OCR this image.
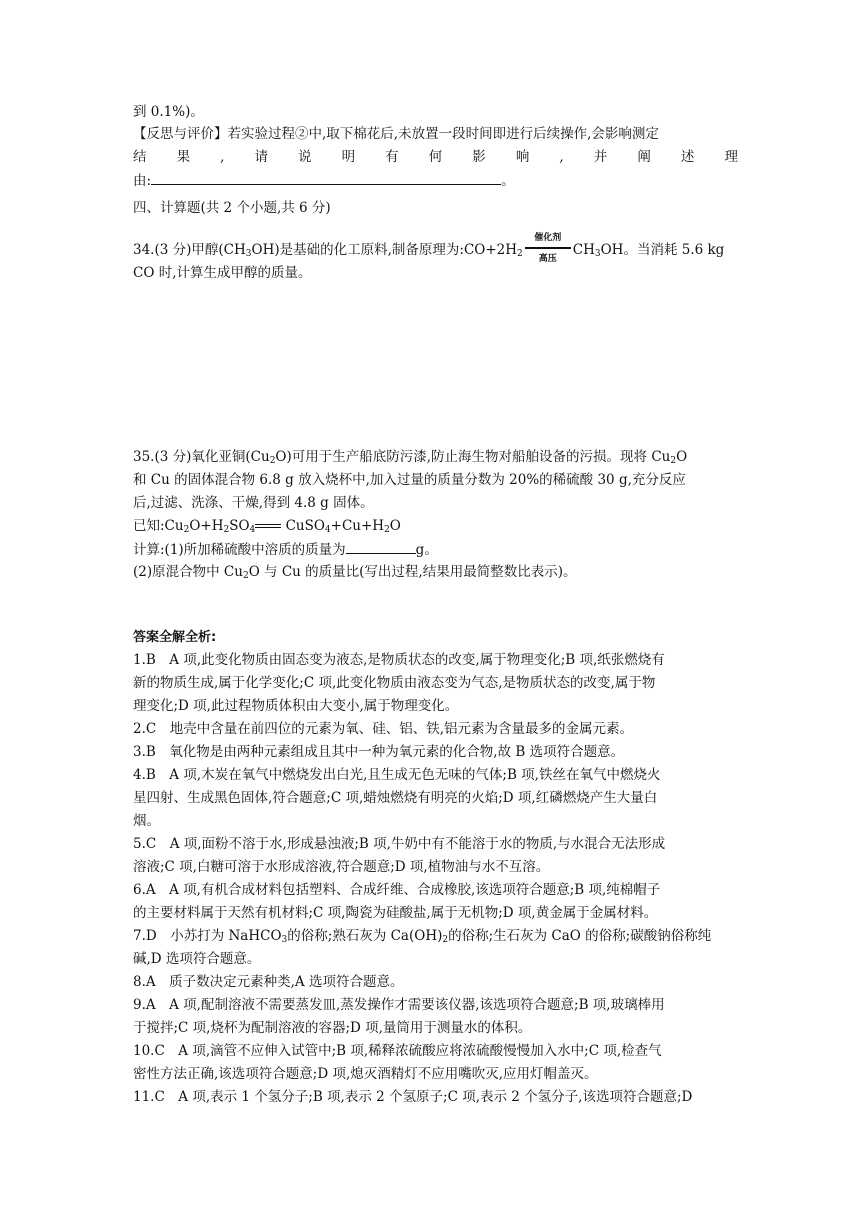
到 0.1%)。
【反思与评价】若实验过程②中,取下棉花后,未放置一段时间即进行后续操作,会影响测定
结 果 , 请 说 明 有 何 影 响 , 并 阐 述 理
由:	。
四、计算题(共 2 个小题,共 6 分)
34.(3 分)甲醇$(CH_3OH)$是基础的化工原料,制备原理为$:CO+2H_2$
催化剂
高压
$CH_3OH$。当消耗 5.6 kg
CO 时,计算生成甲醇的质量。
35.(3 分)氧化亚铜$(Cu_2O)$可用于生产船底防污漆,防止海生物对船舶设备的污损。现将 $Cu_2O$
和 Cu 的固体混合物 6.8 g 放入烧杯中,加入过量的质量分数为 20%的稀硫酸 30 g,充分反应
后,过滤、洗涤、干燥,得到 4.8 g 固体。
已知$:Cu_2O+H_2SO_4$ $CuSO_4+Cu+H_2O$
计算:(1)所加稀硫酸中溶质的质量为	g。
(2)原混合物中 $Cu_2O$ 与 Cu 的质量比(写出过程,结果用最简整数比表示)。
答案全解全析:
1.B　A 项,此变化物质由固态变为液态,是物质状态的改变,属于物理变化;B 项,纸张燃烧有
新的物质生成,属于化学变化;C 项,此变化物质由液态变为气态,是物质状态的改变,属于物
理变化;D 项,此过程物质体积由大变小,属于物理变化。
2.C　地壳中含量在前四位的元素为氧、硅、铝、铁,铝元素为含量最多的金属元素。
3.B　氧化物是由两种元素组成且其中一种为氧元素的化合物,故 B 选项符合题意。
4.B　A 项,木炭在氧气中燃烧发出白光,且生成无色无味的气体;B 项,铁丝在氧气中燃烧火
星四射、生成黑色固体,符合题意;C 项,蜡烛燃烧有明亮的火焰;D 项,红磷燃烧产生大量白
烟。
5.C　A 项,面粉不溶于水,形成悬浊液;B 项,牛奶中有不能溶于水的物质,与水混合无法形成
溶液;C 项,白糖可溶于水形成溶液,符合题意;D 项,植物油与水不互溶。
6.A　A 项,有机合成材料包括塑料、合成纤维、合成橡胶,该选项符合题意;B 项,纯棉帽子
的主要材料属于天然有机材料;C 项,陶瓷为硅酸盐,属于无机物;D 项,黄金属于金属材料。
7.D　小苏打为 NaHCO$_3$的俗称;熟石灰为 $Ca(OH)_2$的俗称;生石灰为 CaO 的俗称;碳酸钠俗称纯
碱,D 选项符合题意。
8.A　质子数决定元素种类,A 选项符合题意。
9.A　A 项,配制溶液不需要蒸发皿,蒸发操作才需要该仪器,该选项符合题意;B 项,玻璃棒用
于搅拌;C 项,烧杯为配制溶液的容器;D 项,量筒用于测量水的体积。
10.C　A 项,滴管不应伸入试管中;B 项,稀释浓硫酸应将浓硫酸慢慢加入水中;C 项,检查气
密性方法正确,该选项符合题意;D 项,熄灭酒精灯不应用嘴吹灭,应用灯帽盖灭。
11.C　A 项,表示 1 个氢分子;B 项,表示 2 个氢原子;C 项,表示 2 个氢分子,该选项符合题意;D
